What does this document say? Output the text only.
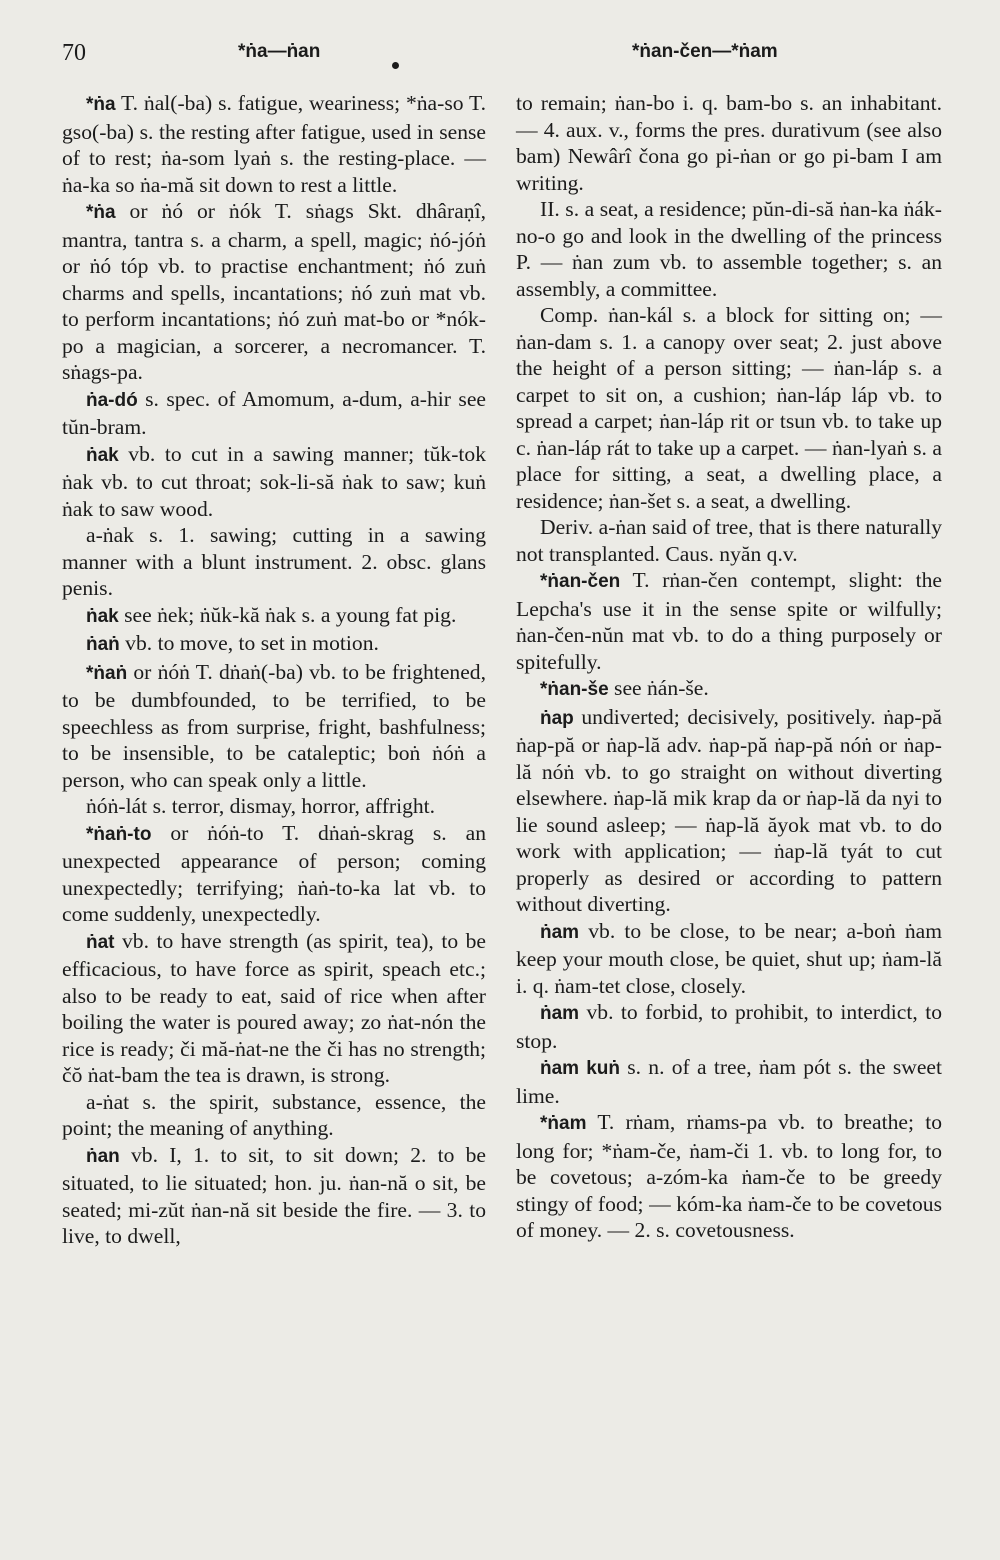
70	*ṅa—ṅan	*ṅan-čen—*ṅam

*ṅa T. ṅal(-ba) s. fatigue, weariness; *ṅa-so T. gso(-ba) s. the resting after fatigue, used in sense of to rest; ṅa-som lyaṅ s. the resting-place. — ṅa-ka so ṅa-mă sit down to rest a little.

*ṅa or ṅó or ṅók T. sṅags Skt. dhâraṇî, mantra, tantra s. a charm, a spell, magic; ṅó-jóṅ or ṅó tóp vb. to practise enchantment; ṅó zuṅ charms and spells, incantations; ṅó zuṅ mat vb. to perform incantations; ṅó zuṅ mat-bo or *nók-po a magician, a sorcerer, a necromancer. T. sṅags-pa.

ṅa-dó s. spec. of Amomum, a-dum, a-hir see tŭn-bram.

ṅak vb. to cut in a sawing manner; tŭk-tok ṅak vb. to cut throat; sok-li-să ṅak to saw; kuṅ ṅak to saw wood.

a-ṅak s. 1. sawing; cutting in a sawing manner with a blunt instrument. 2. obsc. glans penis.

ṅak see ṅek; ṅŭk-kă ṅak s. a young fat pig.

ṅaṅ vb. to move, to set in motion.

*ṅaṅ or ṅóṅ T. dṅaṅ(-ba) vb. to be frightened, to be dumbfounded, to be terrified, to be speechless as from surprise, fright, bashfulness; to be insensible, to be cataleptic; boṅ ṅóṅ a person, who can speak only a little.

ṅóṅ-lát s. terror, dismay, horror, affright.

*ṅaṅ-to or ṅóṅ-to T. dṅaṅ-skrag s. an unexpected appearance of person; coming unexpectedly; terrifying; ṅaṅ-to-ka lat vb. to come suddenly, unexpectedly.

ṅat vb. to have strength (as spirit, tea), to be efficacious, to have force as spirit, speach etc.; also to be ready to eat, said of rice when after boiling the water is poured away; zo ṅat-nón the rice is ready; či mă-ṅat-ne the či has no strength; čŏ ṅat-bam the tea is drawn, is strong.

a-ṅat s. the spirit, substance, essence, the point; the meaning of anything.

ṅan vb. I, 1. to sit, to sit down; 2. to be situated, to lie situated; hon. ju. ṅan-nă o sit, be seated; mi-zŭt ṅan-nă sit beside the fire. — 3. to live, to dwell,

to remain; ṅan-bo i. q. bam-bo s. an inhabitant. — 4. aux. v., forms the pres. durativum (see also bam) Newârî čona go pi-ṅan or go pi-bam I am writing.

II. s. a seat, a residence; pŭn-di-să ṅan-ka ṅák-no-o go and look in the dwelling of the princess P. — ṅan zum vb. to assemble together; s. an assembly, a committee.

Comp. ṅan-kál s. a block for sitting on; — ṅan-dam s. 1. a canopy over seat; 2. just above the height of a person sitting; — ṅan-láp s. a carpet to sit on, a cushion; ṅan-láp láp vb. to spread a carpet; ṅan-láp rit or tsun vb. to take up c. ṅan-láp rát to take up a carpet. — ṅan-lyaṅ s. a place for sitting, a seat, a dwelling place, a residence; ṅan-šet s. a seat, a dwelling.

Deriv. a-ṅan said of tree, that is there naturally not transplanted. Caus. nyăn q.v.

*ṅan-čen T. rṅan-čen contempt, slight: the Lepcha's use it in the sense spite or wilfully; ṅan-čen-nŭn mat vb. to do a thing purposely or spitefully.

*ṅan-še see ṅán-še.

ṅap undiverted; decisively, positively. ṅap-pă ṅap-pă or ṅap-lă adv. ṅap-pă ṅap-pă nóṅ or ṅap-lă nóṅ vb. to go straight on without diverting elsewhere. ṅap-lă mik krap da or ṅap-lă da nyi to lie sound asleep; — ṅap-lă ăyok mat vb. to do work with application; — ṅap-lă tyát to cut properly as desired or according to pattern without diverting.

ṅam vb. to be close, to be near; a-boṅ ṅam keep your mouth close, be quiet, shut up; ṅam-lă i. q. ṅam-tet close, closely.

ṅam vb. to forbid, to prohibit, to interdict, to stop.

ṅam kuṅ s. n. of a tree, ṅam pót s. the sweet lime.

*ṅam T. rṅam, rṅams-pa vb. to breathe; to long for; *ṅam-če, ṅam-či 1. vb. to long for, to be covetous; a-zóm-ka ṅam-če to be greedy stingy of food; — kóm-ka ṅam-če to be covetous of money. — 2. s. covetousness.
